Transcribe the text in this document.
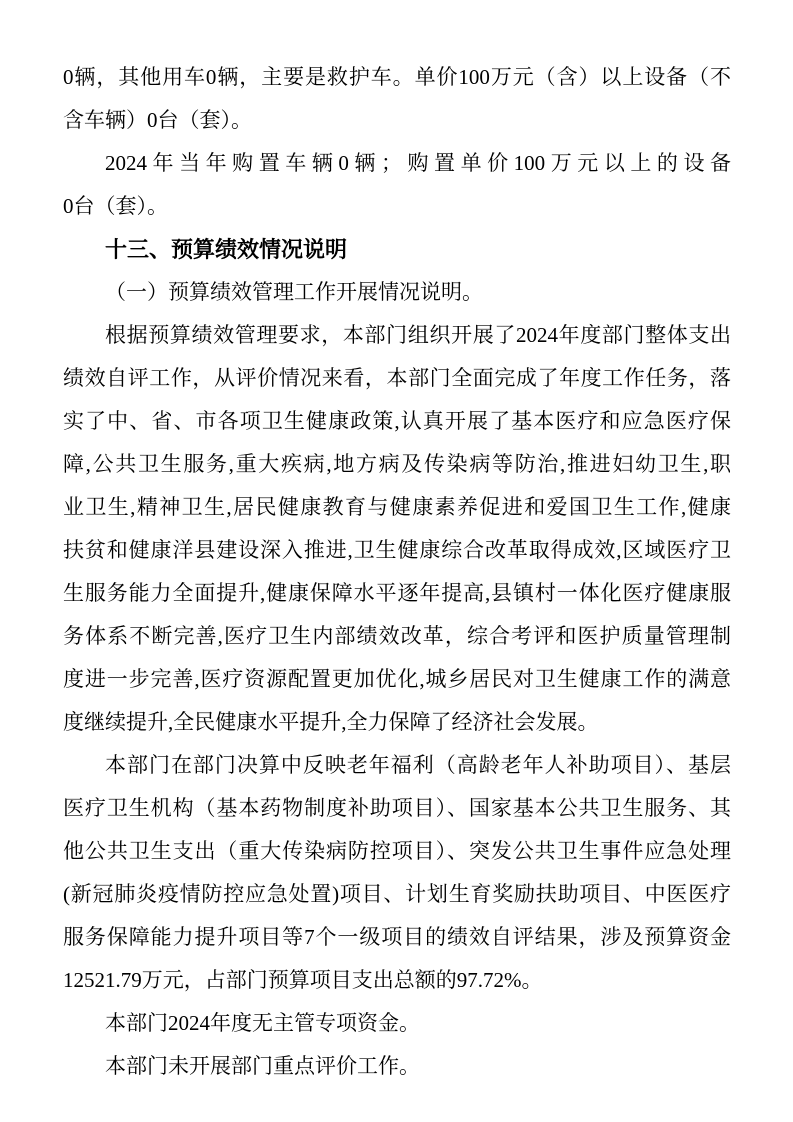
0辆，其他用车0辆，主要是救护车。单价100万元（含）以上设备（不
含车辆）0台（套）。
2024年当年购置车辆0辆；购置单价100万元以上的设备
0台（套）。
十三、预算绩效情况说明
（一）预算绩效管理工作开展情况说明。
根据预算绩效管理要求，本部门组织开展了2024年度部门整体支出
绩效自评工作，从评价情况来看，本部门全面完成了年度工作任务，落
实了中、省、市各项卫生健康政策,认真开展了基本医疗和应急医疗保
障,公共卫生服务,重大疾病,地方病及传染病等防治,推进妇幼卫生,职
业卫生,精神卫生,居民健康教育与健康素养促进和爱国卫生工作,健康
扶贫和健康洋县建设深入推进,卫生健康综合改革取得成效,区域医疗卫
生服务能力全面提升,健康保障水平逐年提高,县镇村一体化医疗健康服
务体系不断完善,医疗卫生内部绩效改革，综合考评和医护质量管理制
度进一步完善,医疗资源配置更加优化,城乡居民对卫生健康工作的满意
度继续提升,全民健康水平提升,全力保障了经济社会发展。
本部门在部门决算中反映老年福利（高龄老年人补助项目）、基层
医疗卫生机构（基本药物制度补助项目）、国家基本公共卫生服务、其
他公共卫生支出（重大传染病防控项目）、突发公共卫生事件应急处理
(新冠肺炎疫情防控应急处置)项目、计划生育奖励扶助项目、中医医疗
服务保障能力提升项目等7个一级项目的绩效自评结果，涉及预算资金
12521.79万元，占部门预算项目支出总额的97.72%。
本部门2024年度无主管专项资金。
本部门未开展部门重点评价工作。
